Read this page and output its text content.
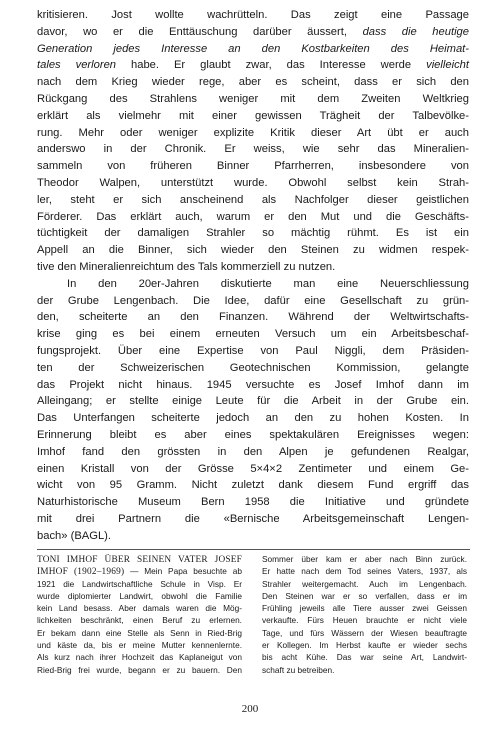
kritisieren. Jost wollte wachrütteln. Das zeigt eine Passage
davor, wo er die Enttäuschung darüber äussert, dass die heutige
Generation jedes Interesse an den Kostbarkeiten des Heimat-
tales verloren habe. Er glaubt zwar, das Interesse werde vielleicht
nach dem Krieg wieder rege, aber es scheint, dass er sich den
Rückgang des Strahlens weniger mit dem Zweiten Weltkrieg
erklärt als vielmehr mit einer gewissen Trägheit der Talbevölke-
rung. Mehr oder weniger explizite Kritik dieser Art übt er auch
anderswo in der Chronik. Er weiss, wie sehr das Mineralien-
sammeln von früheren Binner Pfarrherren, insbesondere von
Theodor Walpen, unterstützt wurde. Obwohl selbst kein Strah-
ler, steht er sich anscheinend als Nachfolger dieser geistlichen
Förderer. Das erklärt auch, warum er den Mut und die Geschäfts-
tüchtigkeit der damaligen Strahler so mächtig rühmt. Es ist ein
Appell an die Binner, sich wieder den Steinen zu widmen respek-
tive den Mineralienreichtum des Tals kommerziell zu nutzen.
In den 20er-Jahren diskutierte man eine Neuerschliessung
der Grube Lengenbach. Die Idee, dafür eine Gesellschaft zu grün-
den, scheiterte an den Finanzen. Während der Weltwirtschafts-
krise ging es bei einem erneuten Versuch um ein Arbeitsbeschaf-
fungsprojekt. Über eine Expertise von Paul Niggli, dem Präsiden-
ten der Schweizerischen Geotechnischen Kommission, gelangte
das Projekt nicht hinaus. 1945 versuchte es Josef Imhof dann im
Alleingang; er stellte einige Leute für die Arbeit in der Grube ein.
Das Unterfangen scheiterte jedoch an den zu hohen Kosten. In
Erinnerung bleibt es aber eines spektakulären Ereignisses wegen:
Imhof fand den grössten in den Alpen je gefundenen Realgar,
einen Kristall von der Grösse 5×4×2 Zentimeter und einem Ge-
wicht von 95 Gramm. Nicht zuletzt dank diesem Fund ergriff das
Naturhistorische Museum Bern 1958 die Initiative und gründete
mit drei Partnern die «Bernische Arbeitsgemeinschaft Lengen-
bach» (BAGL).
TONI IMHOF ÜBER SEINEN VATER JOSEF
IMHOF (1902–1969) — Mein Papa besuchte ab
1921 die Landwirtschaftliche Schule in Visp. Er
wurde diplomierter Landwirt, obwohl die Familie
kein Land besass. Aber damals waren die Mög-
lichkeiten beschränkt, einen Beruf zu erlernen.
Er bekam dann eine Stelle als Senn in Ried-Brig
und käste da, bis er meine Mutter kennenlernte.
Als kurz nach ihrer Hochzeit das Kaplaneigut von
Ried-Brig frei wurde, begann er zu bauern. Den
Sommer über kam er aber nach Binn zurück.
Er hatte nach dem Tod seines Vaters, 1937, als
Strahler weitergemacht. Auch im Lengenbach.
Den Steinen war er so verfallen, dass er im
Frühling jeweils alle Tiere ausser zwei Geissen
verkaufte. Fürs Heuen brauchte er nicht viele
Tage, und fürs Wässern der Wiesen beauftragte
er Kollegen. Im Herbst kaufte er wieder sechs
bis acht Kühe. Das war seine Art, Landwirt-
schaft zu betreiben.
200
